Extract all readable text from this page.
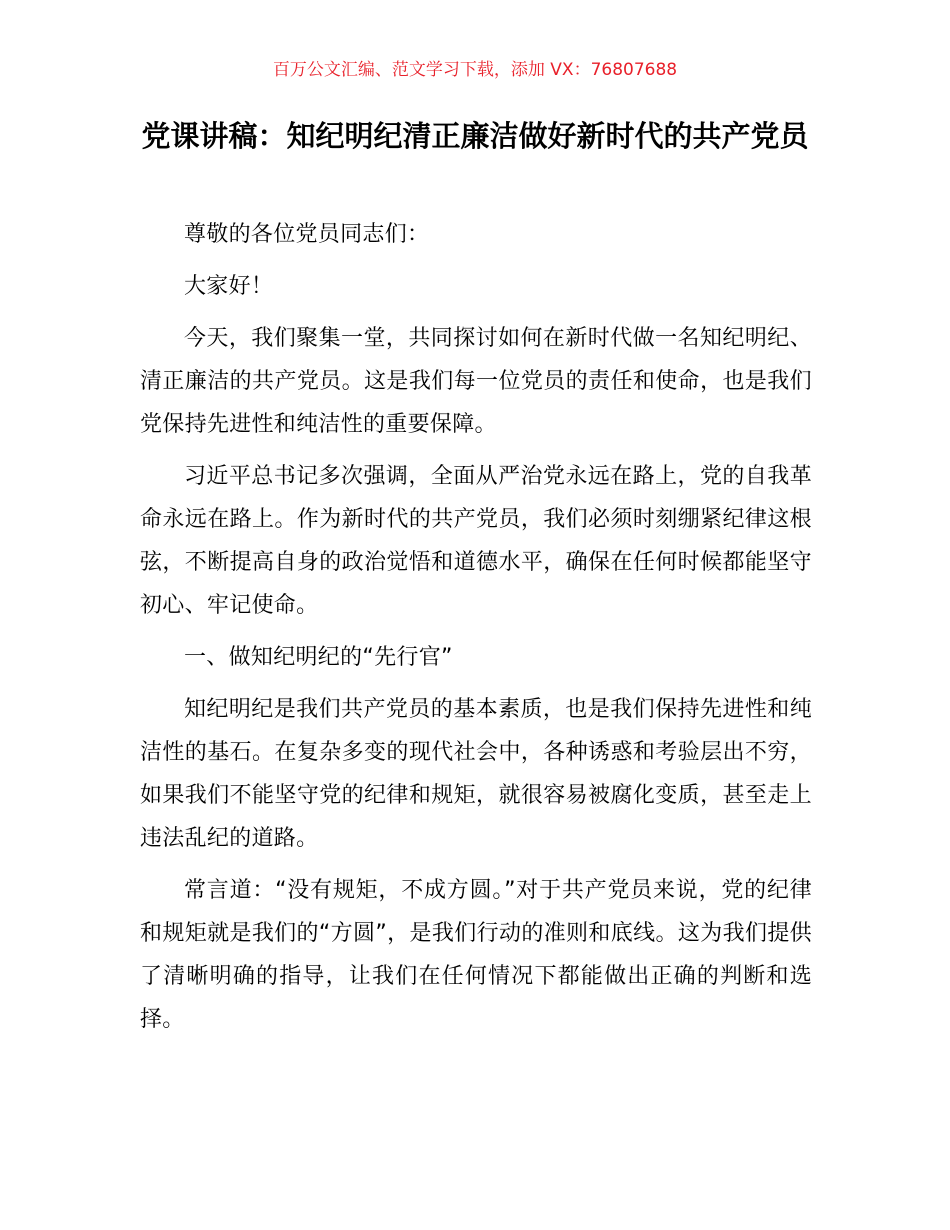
百万公文汇编、范文学习下载，添加 VX：76807688
党课讲稿：知纪明纪清正廉洁做好新时代的共产党员

尊敬的各位党员同志们：

大家好！

今天，我们聚集一堂，共同探讨如何在新时代做一名知纪明纪、清正廉洁的共产党员。这是我们每一位党员的责任和使命，也是我们党保持先进性和纯洁性的重要保障。

习近平总书记多次强调，全面从严治党永远在路上，党的自我革命永远在路上。作为新时代的共产党员，我们必须时刻绷紧纪律这根弦，不断提高自身的政治觉悟和道德水平，确保在任何时候都能坚守初心、牢记使命。

一、做知纪明纪的“先行官”

知纪明纪是我们共产党员的基本素质，也是我们保持先进性和纯洁性的基石。在复杂多变的现代社会中，各种诱惑和考验层出不穷，如果我们不能坚守党的纪律和规矩，就很容易被腐化变质，甚至走上违法乱纪的道路。

常言道：“没有规矩，不成方圆。”对于共产党员来说，党的纪律和规矩就是我们的“方圆”，是我们行动的准则和底线。这为我们提供了清晰明确的指导，让我们在任何情况下都能做出正确的判断和选择。
